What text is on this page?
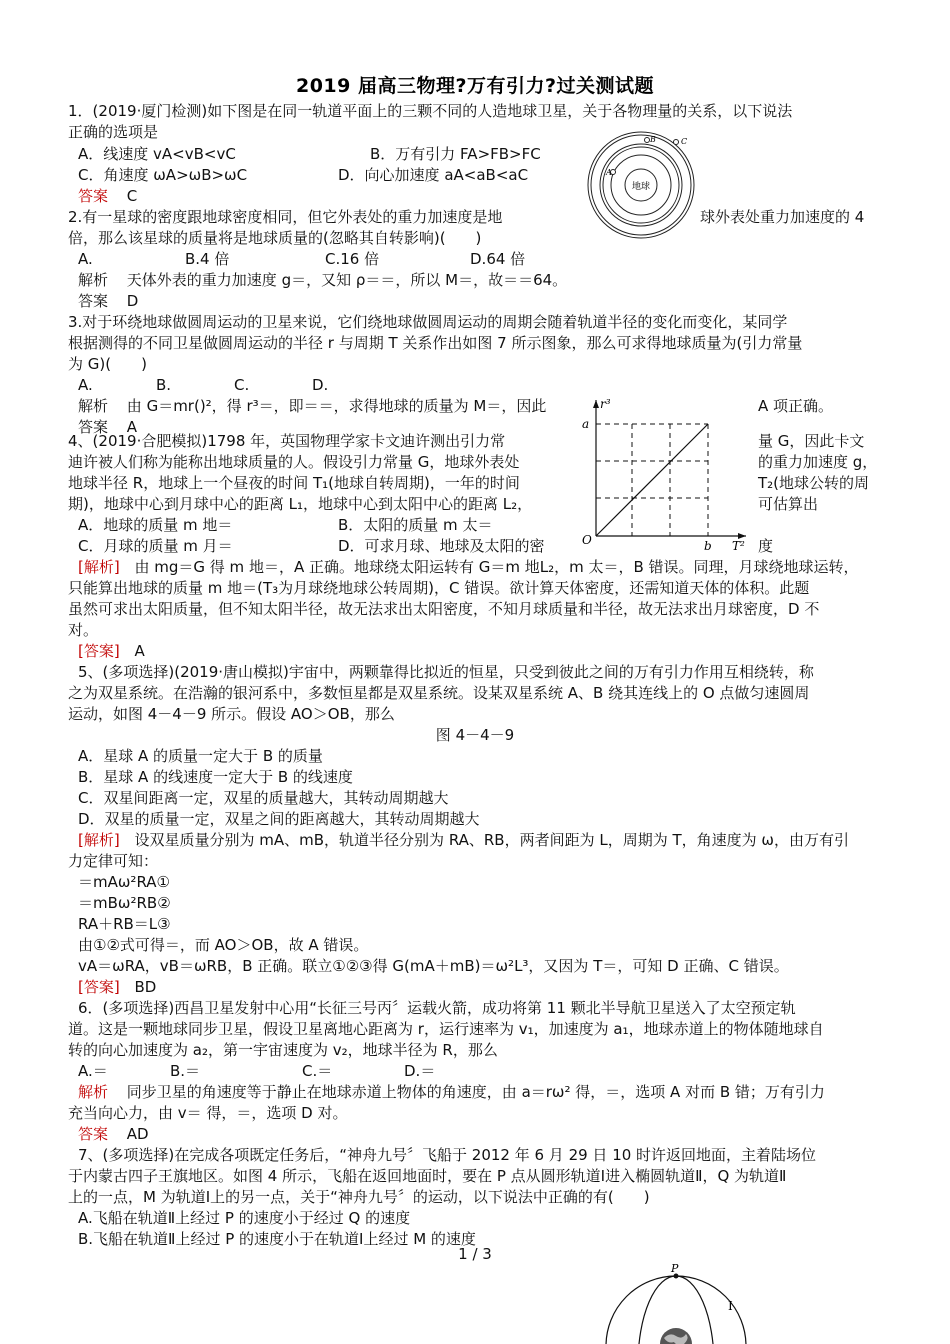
2019 届高三物理?万有引力?过关测试题
1．(2019·厦门检测)如下图是在同一轨道平面上的三颗不同的人造地球卫星，关于各物理量的关系，以下说法
正确的选项是
A．线速度 vA<vB<vC	B．万有引力 FA>FB>FC
C．角速度 ωA>ωB>ωC	D．向心加速度 aA<aB<aC
答案 C	地球
A
B	C
2.有一星球的密度跟地球密度相同，但它外表处的重力加速度是地	球外表处重力加速度的 4
倍，那么该星球的质量将是地球质量的(忽略其自转影响)(　　)
A.	B.4 倍	C.16 倍	D.64 倍
解析 天体外表的重力加速度 g＝，又知 ρ＝＝，所以 M＝，故＝＝64。
答案 D
3.对于环绕地球做圆周运动的卫星来说，它们绕地球做圆周运动的周期会随着轨道半径的变化而变化，某同学
根据测得的不同卫星做圆周运动的半径 r 与周期 T 关系作出如图 7 所示图象，那么可求得地球质量为(引力常量
为 G)(　　)
A.	B.	C.	D.
解析 由 G＝mr()²，得 r³＝，即＝＝，求得地球的质量为 M＝，因此	A 项正确。
答案 A
r³
a
b
O	T²
4、(2019·合肥模拟)1798 年，英国物理学家卡文迪许测出引力常	量 G，因此卡文
迪许被人们称为能称出地球质量的人。假设引力常量 G，地球外表处	的重力加速度 g，
地球半径 R，地球上一个昼夜的时间 T₁(地球自转周期)，一年的时间	T₂(地球公转的周
期)，地球中心到月球中心的距离 L₁，地球中心到太阳中心的距离 L₂，	可估算出
A．地球的质量 m 地＝	B．太阳的质量 m 太＝
C．月球的质量 m 月＝	D．可求月球、地球及太阳的密	度
[解析] 由 mg＝G 得 m 地＝，A 正确。地球绕太阳运转有 G＝m 地L₂，m 太＝，B 错误。同理，月球绕地球运转，
只能算出地球的质量 m 地＝(T₃为月球绕地球公转周期)，C 错误。欲计算天体密度，还需知道天体的体积。此题
虽然可求出太阳质量，但不知太阳半径，故无法求出太阳密度，不知月球质量和半径，故无法求出月球密度，D 不
对。
[答案] A
5、(多项选择)(2019·唐山模拟)宇宙中，两颗靠得比拟近的恒星，只受到彼此之间的万有引力作用互相绕转，称
之为双星系统。在浩瀚的银河系中，多数恒星都是双星系统。设某双星系统 A、B 绕其连线上的 O 点做匀速圆周
运动，如图 4－4－9 所示。假设 AO＞OB，那么
图 4－4－9
A．星球 A 的质量一定大于 B 的质量
B．星球 A 的线速度一定大于 B 的线速度
C．双星间距离一定，双星的质量越大，其转动周期越大
D．双星的质量一定，双星之间的距离越大，其转动周期越大
[解析] 设双星质量分别为 mA、mB，轨道半径分别为 RA、RB，两者间距为 L，周期为 T，角速度为 ω，由万有引
力定律可知：
＝mAω²RA①
＝mBω²RB②
RA＋RB＝L③
由①②式可得＝，而 AO＞OB，故 A 错误。
vA＝ωRA，vB＝ωRB，B 正确。联立①②③得 G(mA＋mB)＝ω²L³，又因为 T＝，可知 D 正确、C 错误。
[答案] BD
6．(多项选择)西昌卫星发射中心用“长征三号丙〞运载火箭，成功将第 11 颗北半导航卫星送入了太空预定轨
道。这是一颗地球同步卫星，假设卫星离地心距离为 r，运行速率为 v₁，加速度为 a₁，地球赤道上的物体随地球自
转的向心加速度为 a₂，第一宇宙速度为 v₂，地球半径为 R，那么
A.＝	B.＝	C.＝	D.＝
解析 同步卫星的角速度等于静止在地球赤道上物体的角速度，由 a＝rω² 得，＝，选项 A 对而 B 错；万有引力
充当向心力，由 v＝ 得，＝，选项 D 对。
答案 AD
7、(多项选择)在完成各项既定任务后，“神舟九号〞飞船于 2012 年 6 月 29 日 10 时许返回地面，主着陆场位
于内蒙古四子王旗地区。如图 4 所示，飞船在返回地面时，要在 P 点从圆形轨道Ⅰ进入椭圆轨道Ⅱ，Q 为轨道Ⅱ
上的一点，M 为轨道Ⅰ上的另一点，关于“神舟九号〞的运动，以下说法中正确的有(　　)
A.飞船在轨道Ⅱ上经过 P 的速度小于经过 Q 的速度
B.飞船在轨道Ⅱ上经过 P 的速度小于在轨道Ⅰ上经过 M 的速度
1 / 3
P
Ⅰ
